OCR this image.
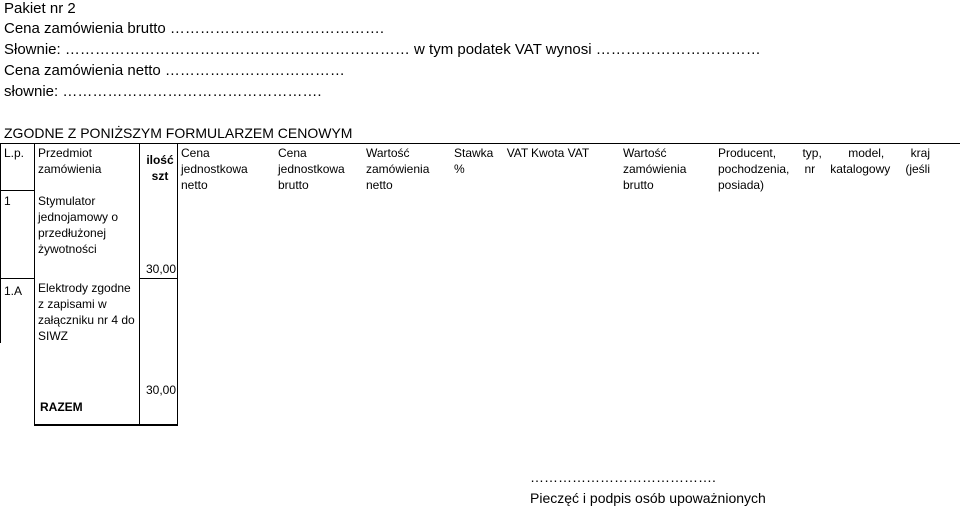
Pakiet nr 2
Cena zamówienia brutto …………………………………….
Słownie: …………………………………………………………… w tym podatek VAT wynosi ……………………………
Cena zamówienia netto ………………………………
słownie: …………………………………………….
ZGODNE Z PONIŻSZYM FORMULARZEM CENOWYM
L.p. Przedmiot zamówienia
ilość szt
Cena jednostkowa netto
Cena jednostkowa brutto
Wartość zamówienia netto
Stawka    VAT
%
Kwota VAT	Wartość zamówienia brutto
Producent, typ, model, kraj pochodzenia, nr katalogowy (jeśli posiada)
1 Stymulator jednojamowy o przedłużonej żywotności
30,00
1.A Elektrody zgodne z zapisami w załączniku nr 4 do SIWZ
RAZEM
30,00
………………………………….
Pieczęć i podpis osób upoważnionych
